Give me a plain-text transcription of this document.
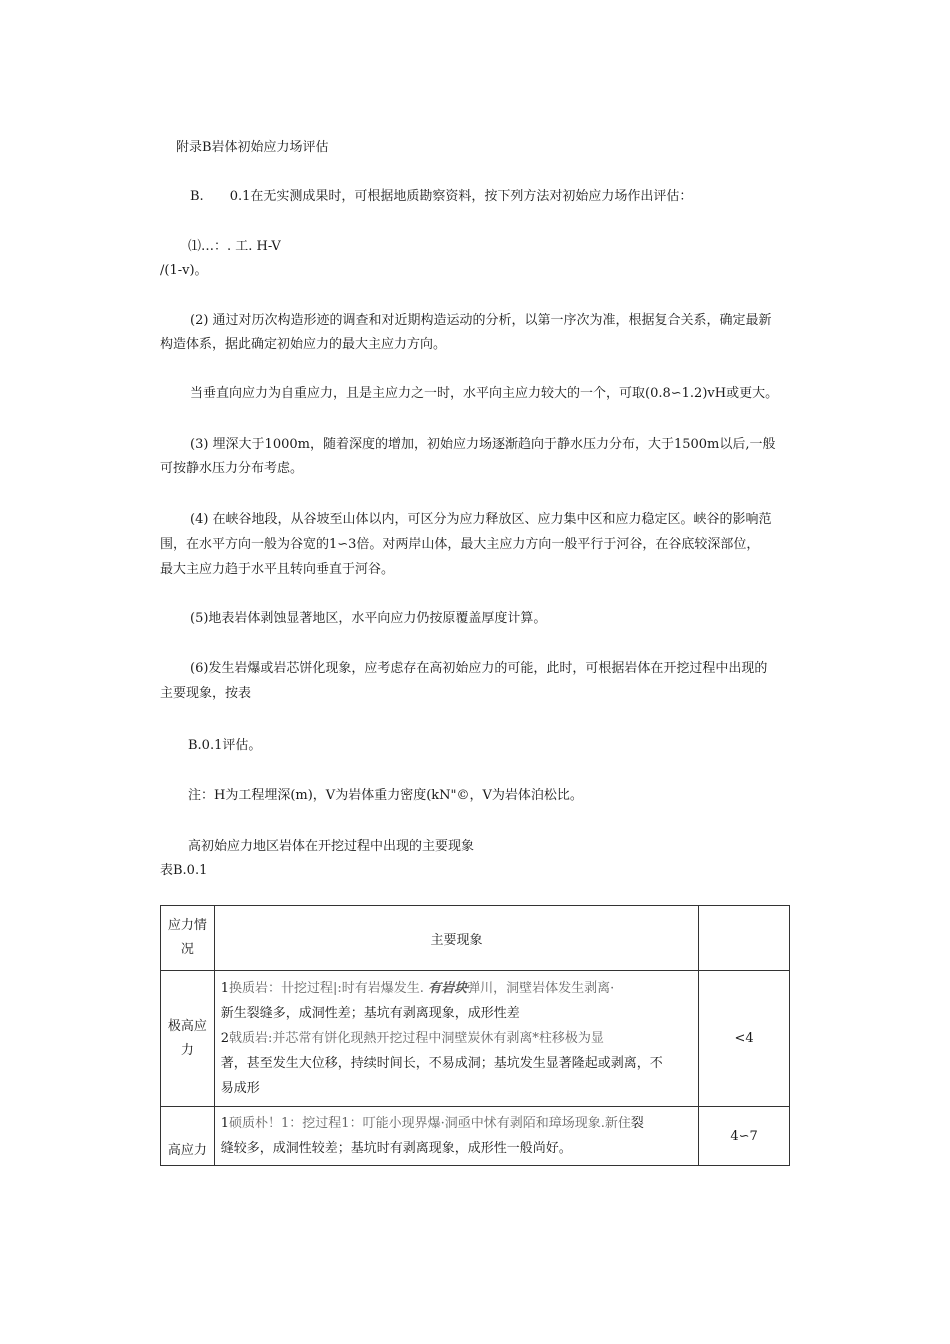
附录B岩体初始应力场评估
B. 0.1在无实测成果时，可根据地质勘察资料，按下列方法对初始应力场作出评估：
⑴…：. 工. H-V
/(1-v)。
(2) 通过对历次构造形迹的调查和对近期构造运动的分析，以第一序次为准，根据复合关系，确定最新
构造体系，据此确定初始应力的最大主应力方向。
当垂直向应力为自重应力，且是主应力之一时，水平向主应力较大的一个，可取(0.8∽1.2)vH或更大。
(3) 埋深大于1000m，随着深度的增加，初始应力场逐渐趋向于静水压力分布，大于1500m以后,一般
可按静水压力分布考虑。
(4) 在峡谷地段，从谷坡至山体以内，可区分为应力释放区、应力集中区和应力稳定区。峡谷的影响范
围，在水平方向一般为谷宽的1∽3倍。对两岸山体，最大主应力方向一般平行于河谷，在谷底较深部位，
最大主应力趋于水平且转向垂直于河谷。
(5)地表岩体剥蚀显著地区，水平向应力仍按原覆盖厚度计算。
(6)发生岩爆或岩芯饼化现象，应考虑存在高初始应力的可能，此时，可根据岩体在开挖过程中出现的
主要现象，按表
B.0.1评估。
注：H为工程埋深(m)，V为岩体重力密度(kN"©，V为岩体泊松比。
高初始应力地区岩体在开挖过程中出现的主要现象
表B.0.1
应力情况	主要现象	

极高应力	1换质岩：卄挖过程|:时有岩爆发生. 有岩块弹川，洞壁岩体发生剥离·
新生裂缝多，成洞性差；基坑有剥离现象，成形性差
2戟质岩:并芯常有饼化现熱开挖过程中洞壁炭休有剥离*柱移极为显
著，甚至发生大位移，持续时间长，不易成洞；基坑发生显著隆起或剥离，不
易成形	<4
高应力	1硕质朴！1：挖过程1：叮能小现界爆·洞亟中怵有剥陌和璋场现象.新住裂
缝较多，成洞性较差；基坑时有剥离现象，成形性一般尚好。	4∽7
